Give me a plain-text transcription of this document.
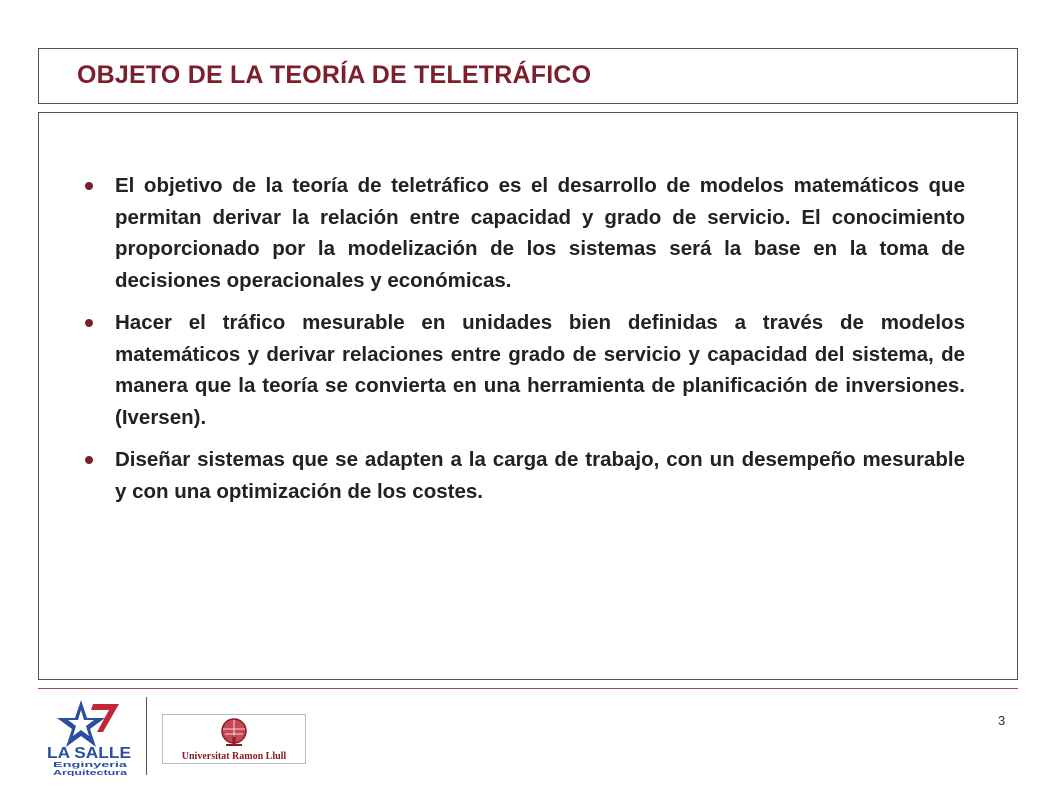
OBJETO DE LA TEORÍA DE TELETRÁFICO
El objetivo de la teoría de teletráfico es el desarrollo de modelos matemáticos que permitan derivar la relación entre capacidad y grado de servicio. El conocimiento proporcionado por la modelización de los sistemas será la base en la toma de decisiones operacionales y económicas.
Hacer el tráfico mesurable en unidades bien definidas a través de modelos matemáticos y derivar relaciones entre grado de servicio y capacidad del sistema, de manera que la teoría se convierta en una herramienta de planificación de inversiones. (Iversen).
Diseñar sistemas que se adapten a la carga de trabajo, con un desempeño mesurable y con una optimización de los costes.
LA SALLE
Enginyeria
Arquitectura

Universitat Ramon Llull

3
